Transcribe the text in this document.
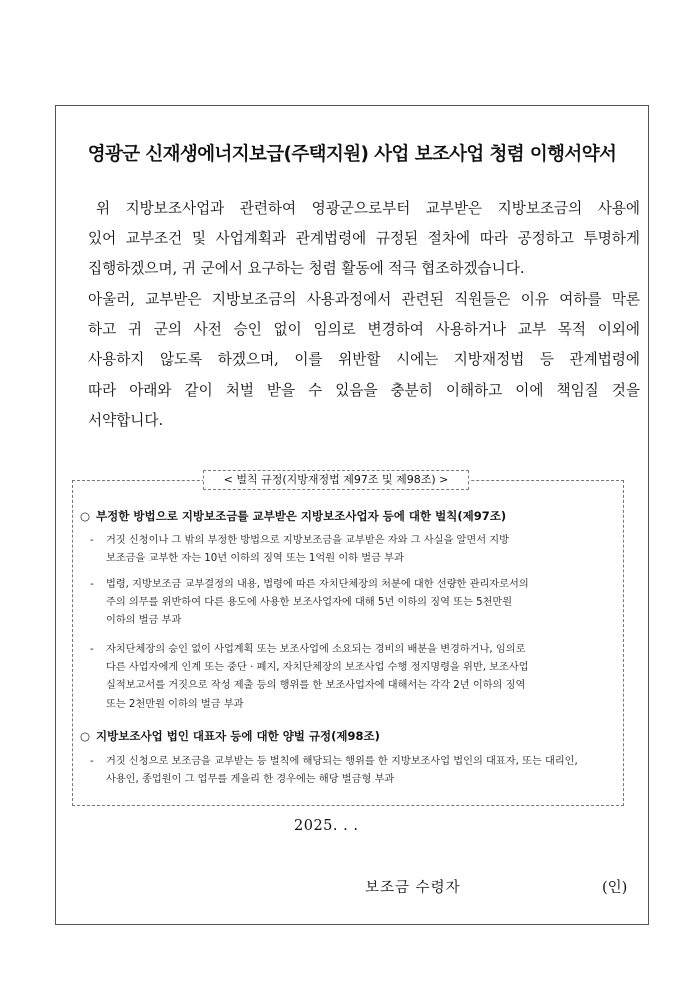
영광군 신재생에너지보급(주택지원) 사업 보조사업 청렴 이행서약서

위 지방보조사업과 관련하여 영광군으로부터 교부받은 지방보조금의 사용에
있어 교부조건 및 사업계획과 관계법령에 규정된 절차에 따라 공정하고 투명하게
집행하겠으며, 귀 군에서 요구하는 청렴 활동에 적극 협조하겠습니다.

아울러, 교부받은 지방보조금의 사용과정에서 관련된 직원들은 이유 여하를 막론
하고 귀 군의 사전 승인 없이 임의로 변경하여 사용하거나 교부 목적 이외에
사용하지 않도록 하겠으며, 이를 위반할 시에는 지방재정법 등 관계법령에
따라 아래와 같이 처벌 받을 수 있음을 충분히 이해하고 이에 책임질 것을
서약합니다.

< 벌칙 규정(지방재정법 제97조 및 제98조) >
○ 부정한 방법으로 지방보조금를 교부받은 지방보조사업자 등에 대한 벌칙(제97조)
- 거짓 신청이나 그 밖의 부정한 방법으로 지방보조금을 교부받은 자와 그 사실을 알면서 지방
보조금을 교부한 자는 10년 이하의 징역 또는 1억원 이하 벌금 부과
- 법령, 지방보조금 교부결정의 내용, 법령에 따른 자치단체장의 처분에 대한 선량한 관리자로서의
주의 의무를 위반하여 다른 용도에 사용한 보조사업자에 대해 5년 이하의 징역 또는 5천만원
이하의 벌금 부과
- 자치단체장의 승인 없이 사업계획 또는 보조사업에 소요되는 경비의 배분을 변경하거나, 임의로
다른 사업자에게 인계 또는 중단 · 폐지, 자치단체장의 보조사업 수행 정지명령을 위반, 보조사업
실적보고서를 거짓으로 작성 제출 등의 행위를 한 보조사업자에 대해서는 각각 2년 이하의 징역
또는 2천만원 이하의 벌금 부과
○ 지방보조사업 법인 대표자 등에 대한 양벌 규정(제98조)
- 거짓 신청으로 보조금을 교부받는 등 벌칙에 해당되는 행위를 한 지방보조사업 법인의 대표자, 또는 대리인,
사용인, 종업원이 그 업무를 게을리 한 경우에는 해당 벌금형 부과
2025. . .
보조금 수령자	(인)
